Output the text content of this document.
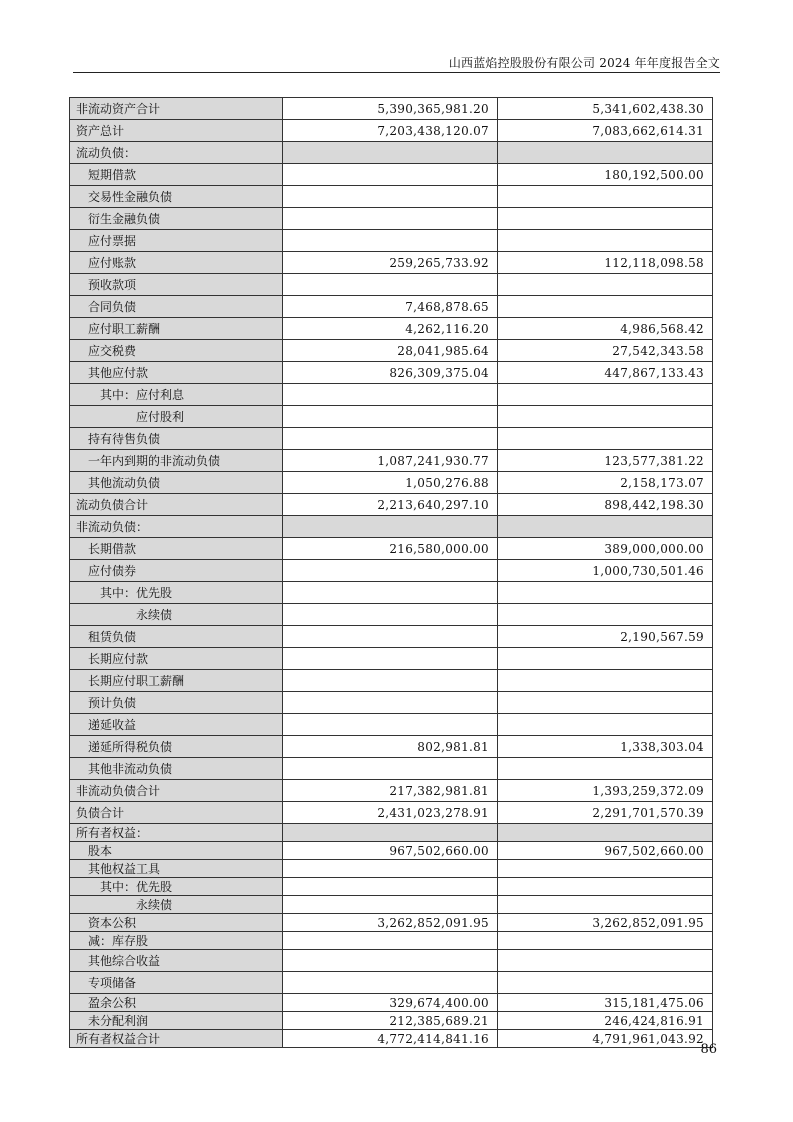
山西蓝焰控股股份有限公司 2024 年年度报告全文
非流动资产合计	5,390,365,981.20	5,341,602,438.30
资产总计	7,203,438,120.07	7,083,662,614.31
流动负债：		
短期借款		180,192,500.00
交易性金融负债		
衍生金融负债		
应付票据		
应付账款	259,265,733.92	112,118,098.58
预收款项		
合同负债	7,468,878.65	
应付职工薪酬	4,262,116.20	4,986,568.42
应交税费	28,041,985.64	27,542,343.58
其他应付款	826,309,375.04	447,867,133.43
其中：应付利息		
应付股利		
持有待售负债		
一年内到期的非流动负债	1,087,241,930.77	123,577,381.22
其他流动负债	1,050,276.88	2,158,173.07
流动负债合计	2,213,640,297.10	898,442,198.30
非流动负债：		
长期借款	216,580,000.00	389,000,000.00
应付债券		1,000,730,501.46
其中：优先股		
永续债		
租赁负债		2,190,567.59
长期应付款		
长期应付职工薪酬		
预计负债		
递延收益		
递延所得税负债	802,981.81	1,338,303.04
其他非流动负债		
非流动负债合计	217,382,981.81	1,393,259,372.09
负债合计	2,431,023,278.91	2,291,701,570.39
所有者权益：		
股本	967,502,660.00	967,502,660.00
其他权益工具		
其中：优先股		
永续债		
资本公积	3,262,852,091.95	3,262,852,091.95
减：库存股		
其他综合收益		
专项储备		
盈余公积	329,674,400.00	315,181,475.06
未分配利润	212,385,689.21	246,424,816.91
所有者权益合计	4,772,414,841.16	4,791,961,043.92
86
